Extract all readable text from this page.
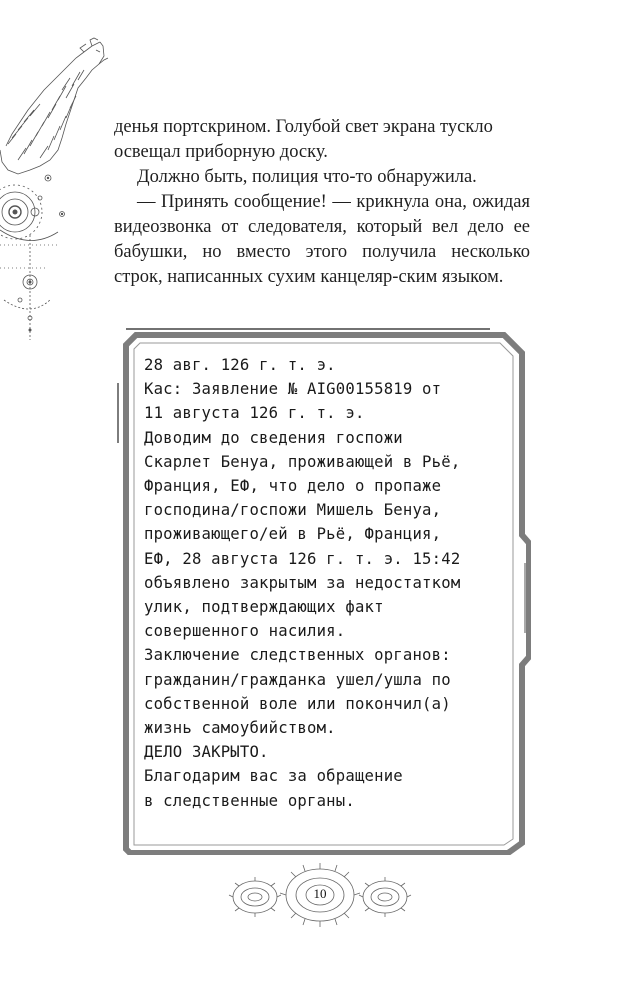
денья портскрином. Голубой свет экрана тускло
освещал приборную доску.

Должно быть, полиция что-то обнаружила.

— Принять сообщение! — крикнула она, ожидая видеозвонка от следователя, который вел дело ее бабушки, но вместо этого получила несколько строк, написанных сухим канцеляр-ским языком.

28 авг. 126 г. т. э.
Кас: Заявление № AIG00155819 от
11 августа 126 г. т. э.
Доводим до сведения госпожи
Скарлет Бенуа, проживающей в Рьё,
Франция, ЕФ, что дело о пропаже
господина/госпожи Мишель Бенуа,
проживающего/ей в Рьё, Франция,
ЕФ, 28 августа 126 г. т. э. 15:42
объявлено закрытым за недостатком
улик, подтверждающих факт
совершенного насилия.
Заключение следственных органов:
гражданин/гражданка ушел/ушла по
собственной воле или покончил(а)
жизнь самоубийством.
ДЕЛО ЗАКРЫТО.
Благодарим вас за обращение
в следственные органы.
10
